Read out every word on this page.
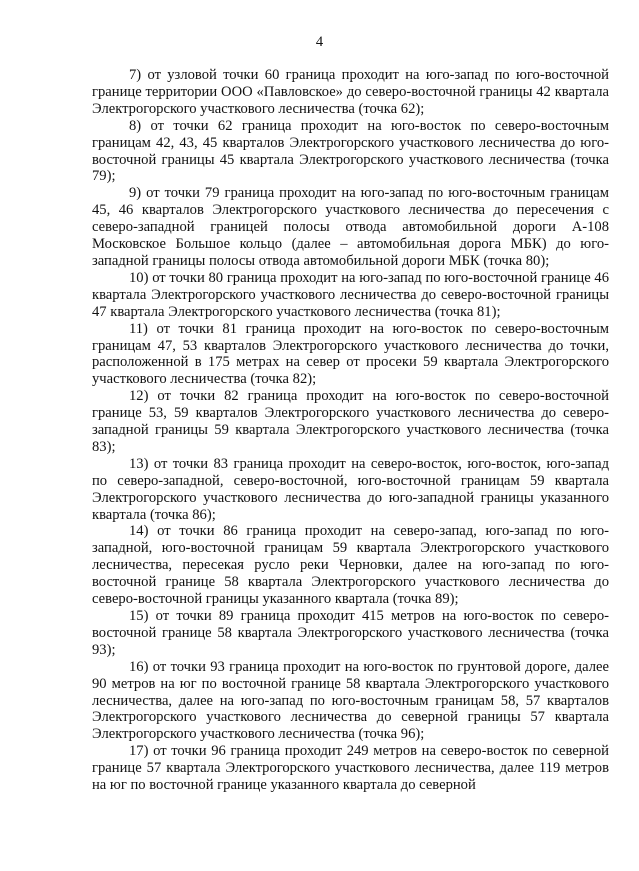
4

7) от узловой точки 60 граница проходит на юго-запад по юго-восточной границе территории ООО «Павловское» до северо-восточной границы 42 квартала Электрогорского участкового лесничества (точка 62);

8) от точки 62 граница проходит на юго-восток по северо-восточным границам 42, 43, 45 кварталов Электрогорского участкового лесничества до юго-восточной границы 45 квартала Электрогорского участкового лесничества (точка 79);

9) от точки 79 граница проходит на юго-запад по юго-восточным границам 45, 46 кварталов Электрогорского участкового лесничества до пересечения с северо-западной границей полосы отвода автомобильной дороги А-108 Московское Большое кольцо (далее – автомобильная дорога МБК) до юго-западной границы полосы отвода автомобильной дороги МБК (точка 80);

10) от точки 80 граница проходит на юго-запад по юго-восточной границе 46 квартала Электрогорского участкового лесничества до северо-восточной границы 47 квартала Электрогорского участкового лесничества (точка 81);

11) от точки 81 граница проходит на юго-восток по северо-восточным границам 47, 53 кварталов Электрогорского участкового лесничества до точки, расположенной в 175 метрах на север от просеки 59 квартала Электрогорского участкового лесничества (точка 82);

12) от точки 82 граница проходит на юго-восток по северо-восточной границе 53, 59 кварталов Электрогорского участкового лесничества до северо-западной границы 59 квартала Электрогорского участкового лесничества (точка 83);

13) от точки 83 граница проходит на северо-восток, юго-восток, юго-запад по северо-западной, северо-восточной, юго-восточной границам 59 квартала Электрогорского участкового лесничества до юго-западной границы указанного квартала (точка 86);

14) от точки 86 граница проходит на северо-запад, юго-запад по юго-западной, юго-восточной границам 59 квартала Электрогорского участкового лесничества, пересекая русло реки Черновки, далее на юго-запад по юго-восточной границе 58 квартала Электрогорского участкового лесничества до северо-восточной границы указанного квартала (точка 89);

15) от точки 89 граница проходит 415 метров на юго-восток по северо-восточной границе 58 квартала Электрогорского участкового лесничества (точка 93);

16) от точки 93 граница проходит на юго-восток по грунтовой дороге, далее 90 метров на юг по восточной границе 58 квартала Электрогорского участкового лесничества, далее на юго-запад по юго-восточным границам 58, 57 кварталов Электрогорского участкового лесничества до северной границы 57 квартала Электрогорского участкового лесничества (точка 96);

17) от точки 96 граница проходит 249 метров на северо-восток по северной границе 57 квартала Электрогорского участкового лесничества, далее 119 метров на юг по восточной границе указанного квартала до северной
